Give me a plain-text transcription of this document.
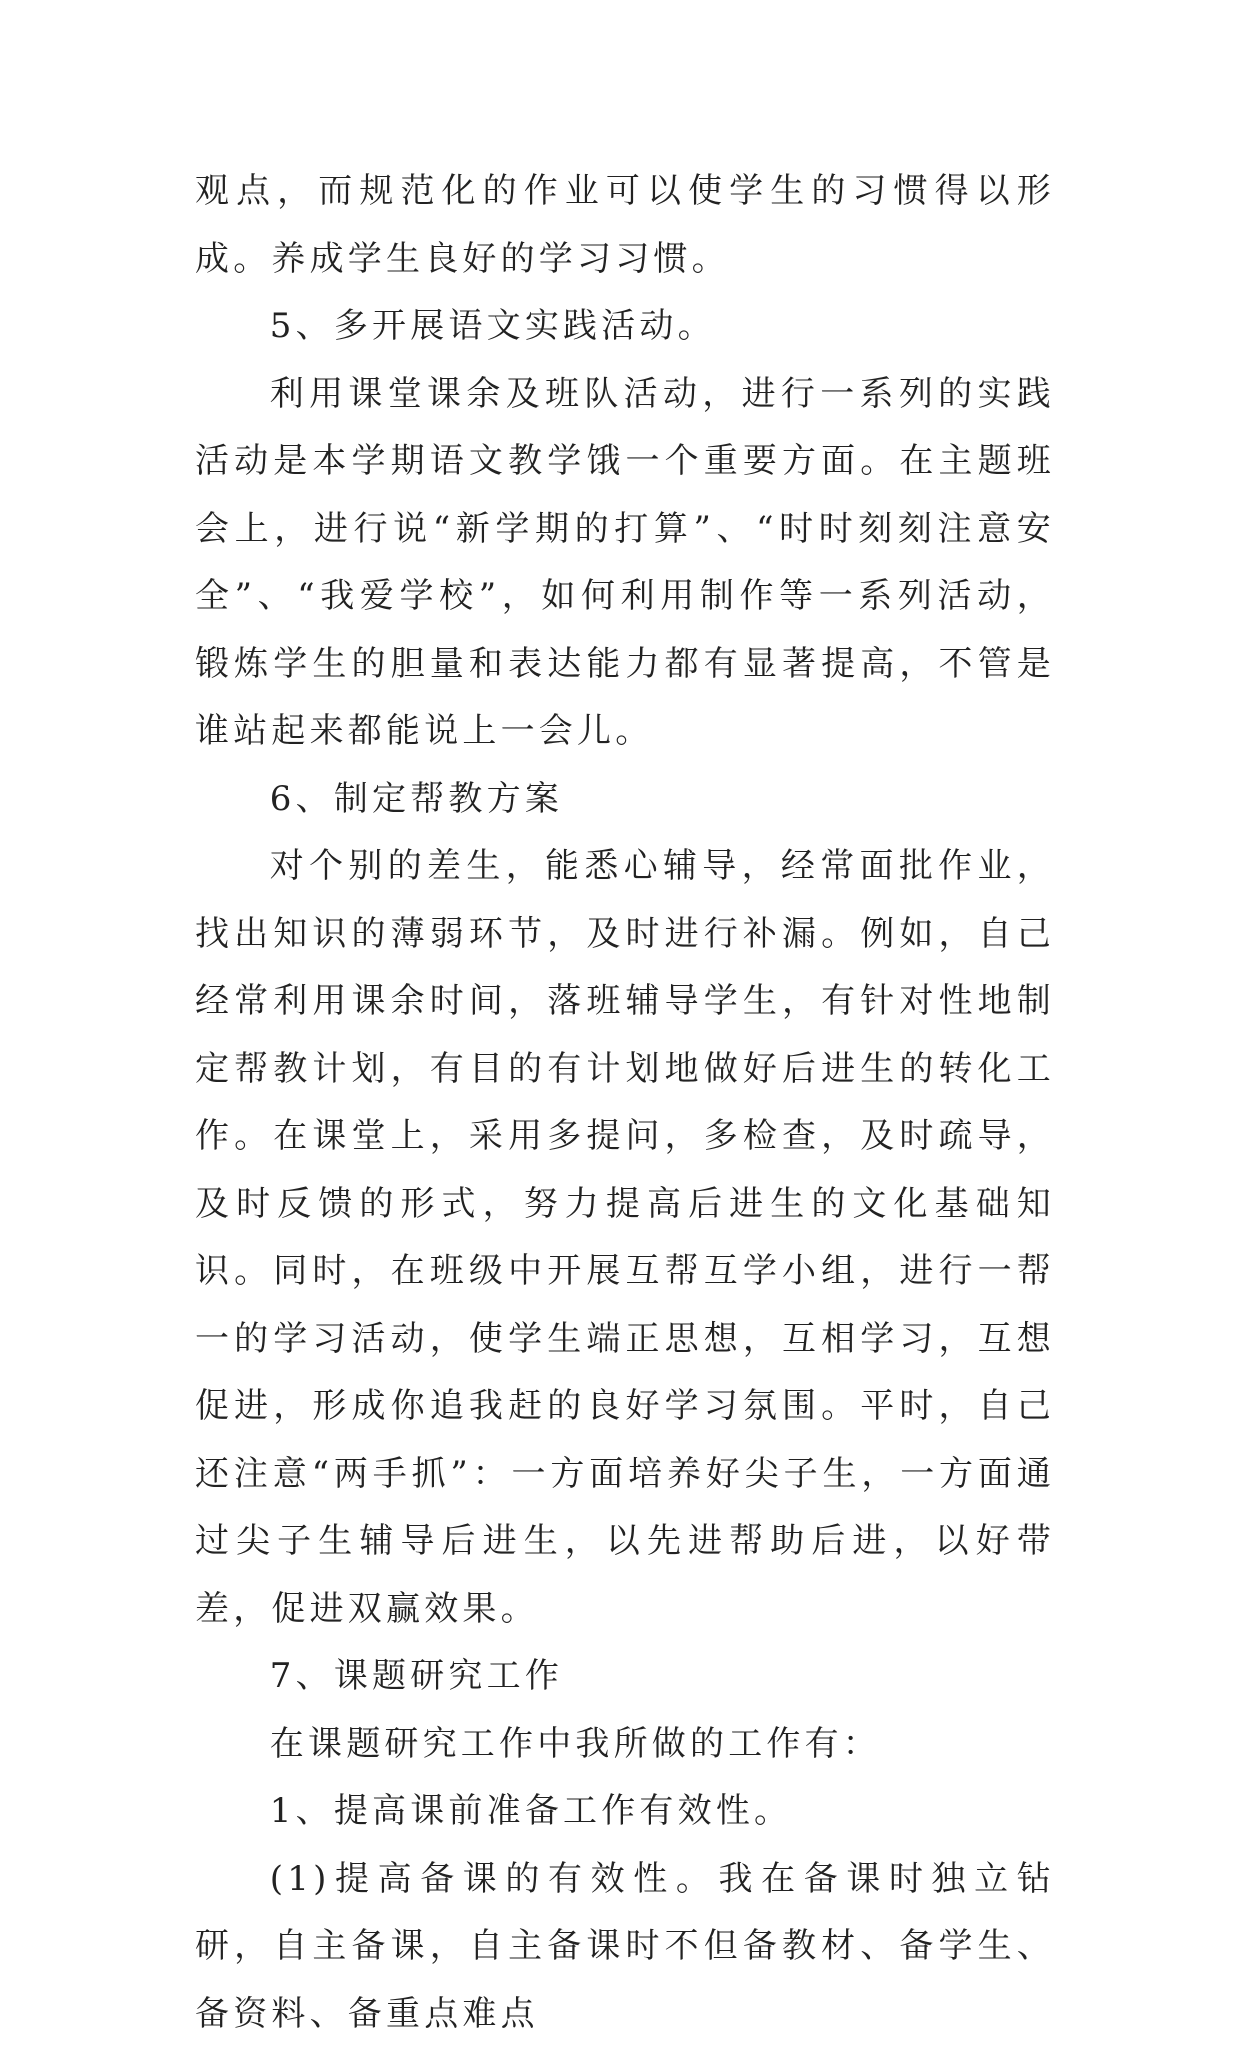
观点，而规范化的作业可以使学生的习惯得以形成。养成学生良好的学习习惯。

5、多开展语文实践活动。

利用课堂课余及班队活动，进行一系列的实践活动是本学期语文教学饿一个重要方面。在主题班会上，进行说“新学期的打算”、“时时刻刻注意安全”、“我爱学校”，如何利用制作等一系列活动，锻炼学生的胆量和表达能力都有显著提高，不管是谁站起来都能说上一会儿。

6、制定帮教方案

对个别的差生，能悉心辅导，经常面批作业，找出知识的薄弱环节，及时进行补漏。例如，自己经常利用课余时间，落班辅导学生，有针对性地制定帮教计划，有目的有计划地做好后进生的转化工作。在课堂上，采用多提问，多检查，及时疏导，及时反馈的形式，努力提高后进生的文化基础知识。同时，在班级中开展互帮互学小组，进行一帮一的学习活动，使学生端正思想，互相学习，互想促进，形成你追我赶的良好学习氛围。平时，自己还注意“两手抓”：一方面培养好尖子生，一方面通过尖子生辅导后进生，以先进帮助后进，以好带差，促进双赢效果。

7、课题研究工作

在课题研究工作中我所做的工作有：

1、提高课前准备工作有效性。

(1)提高备课的有效性。我在备课时独立钻研，自主备课，自主备课时不但备教材、备学生、备资料、备重点难点
